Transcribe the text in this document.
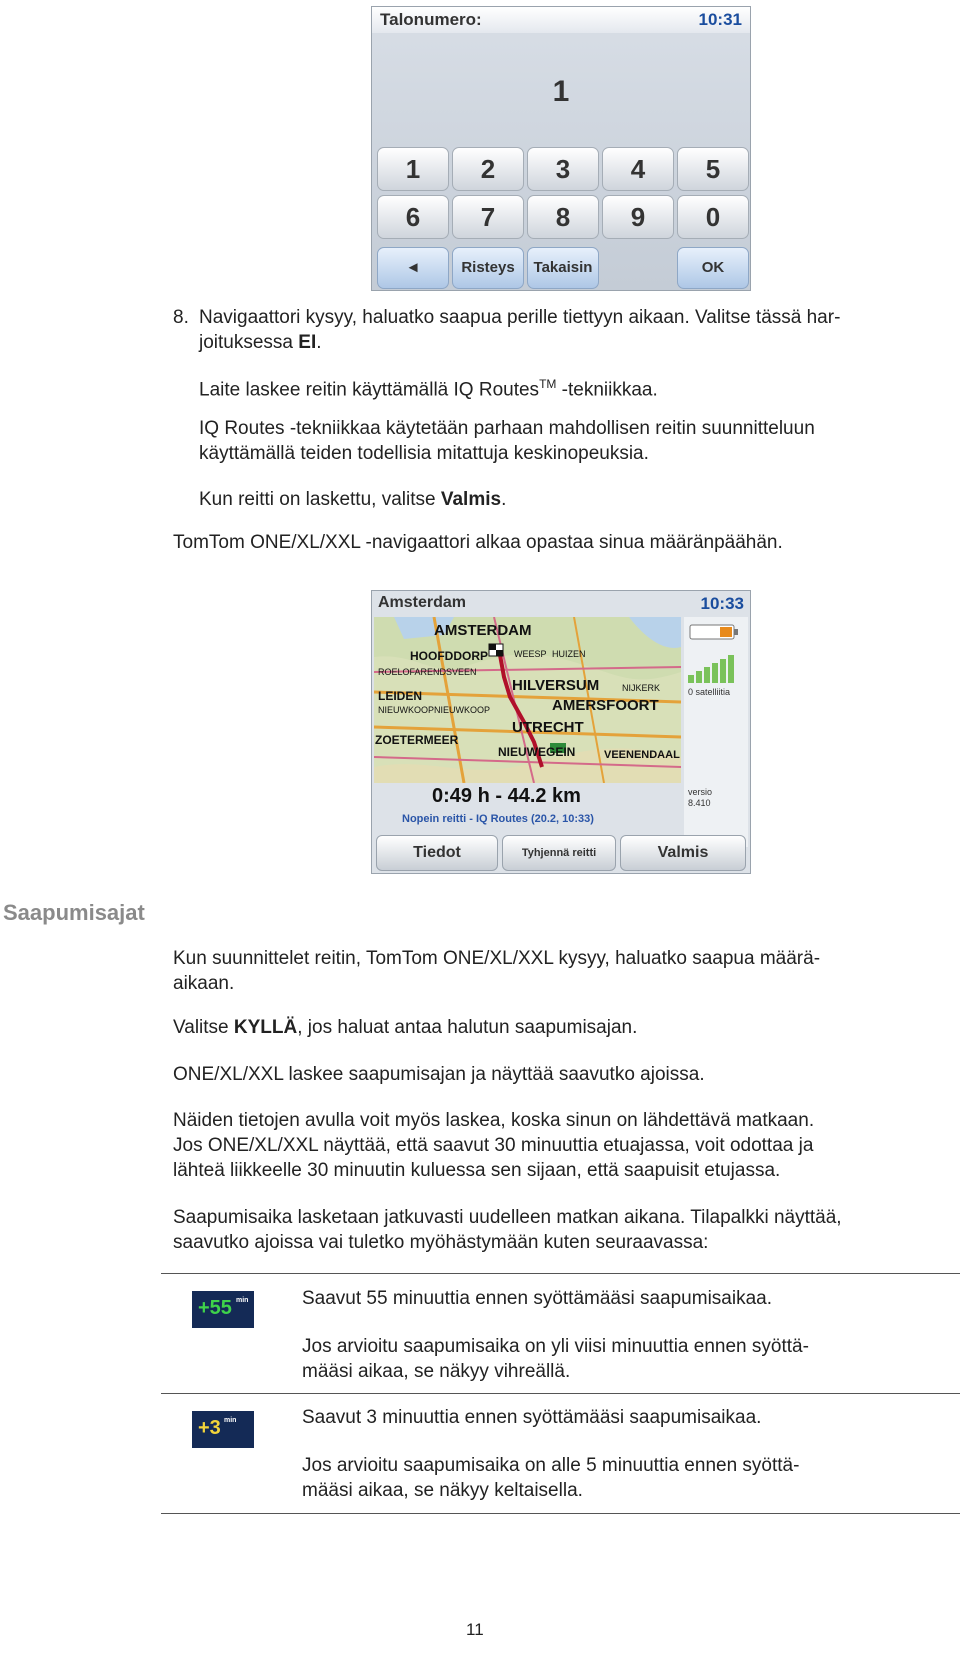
Talonumero:	10:31
1
1	2	3	4	5
6	7	8	9	0
◄	Risteys	Takaisin	OK
8. Navigaattori kysyy, haluatko saapua perille tiettyyn aikaan. Valitse tässä har-
joituksessa EI.
Laite laskee reitin käyttämällä IQ Routes™ -tekniikkaa.
IQ Routes -tekniikkaa käytetään parhaan mahdollisen reitin suunnitteluun
käyttämällä teiden todellisia mitattuja keskinopeuksia.
Kun reitti on laskettu, valitse Valmis.
TomTom ONE/XL/XXL -navigaattori alkaa opastaa sinua määränpäähän.
Amsterdam	10:33
AMSTERDAM
HOOFDDORP
ROELOFARENDSVEEN
WEESP HUIZEN
HILVERSUM	NIJKERK
LEIDEN
NIEUWKOOP NIEUWKOOP	AMERSFOORT
UTRECHT
ZOETERMEER
NIEUWEGEIN	VEENENDAAL
0 satelliitia
0:49 h - 44.2 km
Nopein reitti - IQ Routes (20.2, 10:33)
versio
8.410
Tiedot	Tyhjennä reitti	Valmis
Saapumisajat
Kun suunnittelet reitin, TomTom ONE/XL/XXL kysyy, haluatko saapua määrä-
aikaan.
Valitse KYLLÄ, jos haluat antaa halutun saapumisajan.
ONE/XL/XXL laskee saapumisajan ja näyttää saavutko ajoissa.
Näiden tietojen avulla voit myös laskea, koska sinun on lähdettävä matkaan.
Jos ONE/XL/XXL näyttää, että saavut 30 minuuttia etuajassa, voit odottaa ja
lähteä liikkeelle 30 minuutin kuluessa sen sijaan, että saapuisit etujassa.
Saapumisaika lasketaan jatkuvasti uudelleen matkan aikana. Tilapalkki näyttää,
saavutko ajoissa vai tuletko myöhästymään kuten seuraavassa:
+55 min	Saavut 55 minuuttia ennen syöttämääsi saapumisaikaa.
Jos arvioitu saapumisaika on yli viisi minuuttia ennen syöttä-
määsi aikaa, se näkyy vihreällä.
+3 min	Saavut 3 minuuttia ennen syöttämääsi saapumisaikaa.
Jos arvioitu saapumisaika on alle 5 minuuttia ennen syöttä-
määsi aikaa, se näkyy keltaisella.
11
